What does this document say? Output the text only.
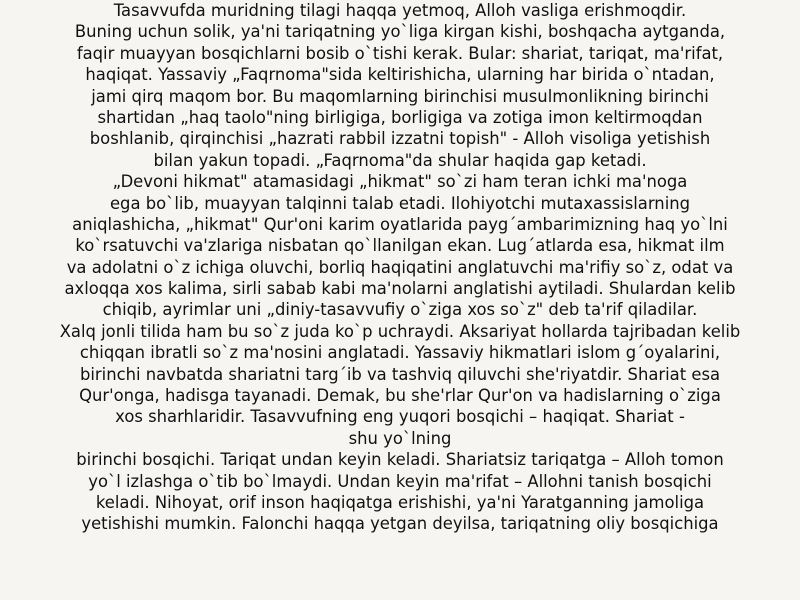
Tasavvufda muridning tilagi haqqa yetmoq, Alloh vasliga erishmoqdir.
Buning uchun solik, ya'ni tariqatning yo`liga kirgan kishi, boshqacha aytganda,
faqir muayyan bosqichlarni bosib o`tishi kerak. Bular: shariat, tariqat, ma'rifat,
haqiqat. Yassaviy „Faqrnoma"sida keltirishicha, ularning har birida o`ntadan,
jami qirq maqom bor. Bu maqomlarning birinchisi musulmonlikning birinchi
shartidan „haq taolo"ning birligiga, borligiga va zotiga imon keltirmoqdan
boshlanib, qirqinchisi „hazrati rabbil izzatni topish" - Alloh visoliga yetishish
bilan yakun topadi. „Faqrnoma"da shular haqida gap ketadi.
„Devoni hikmat" atamasidagi „hikmat" so`zi ham teran ichki ma'noga
ega bo`lib, muayyan talqinni talab etadi. Ilohiyotchi mutaxassislarning
aniqlashicha, „hikmat" Qur'oni karim oyatlarida payg´ambarimizning haq yo`lni
ko`rsatuvchi va'zlariga nisbatan qo`llanilgan ekan. Lug´atlarda esa, hikmat ilm
va adolatni o`z ichiga oluvchi, borliq haqiqatini anglatuvchi ma'rifiy so`z, odat va
axloqqa xos kalima, sirli sabab kabi ma'nolarni anglatishi aytiladi. Shulardan kelib
chiqib, ayrimlar uni „diniy-tasavvufiy o`ziga xos so`z" deb ta'rif qiladilar.
Xalq jonli tilida ham bu so`z juda ko`p uchraydi. Aksariyat hollarda tajribadan kelib
chiqqan ibratli so`z ma'nosini anglatadi. Yassaviy hikmatlari islom g´oyalarini,
birinchi navbatda shariatni targ´ib va tashviq qiluvchi she'riyatdir. Shariat esa
Qur'onga, hadisga tayanadi. Demak, bu she'rlar Qur'on va hadislarning o`ziga
xos sharhlaridir. Tasavvufning eng yuqori bosqichi – haqiqat. Shariat -
shu yo`lning
birinchi bosqichi. Tariqat undan keyin keladi. Shariatsiz tariqatga – Alloh tomon
yo`l izlashga o`tib bo`lmaydi. Undan keyin ma'rifat – Allohni tanish bosqichi
keladi. Nihoyat, orif inson haqiqatga erishishi, ya'ni Yaratganning jamoliga
yetishishi mumkin. Falonchi haqqa yetgan deyilsa, tariqatning oliy bosqichiga
